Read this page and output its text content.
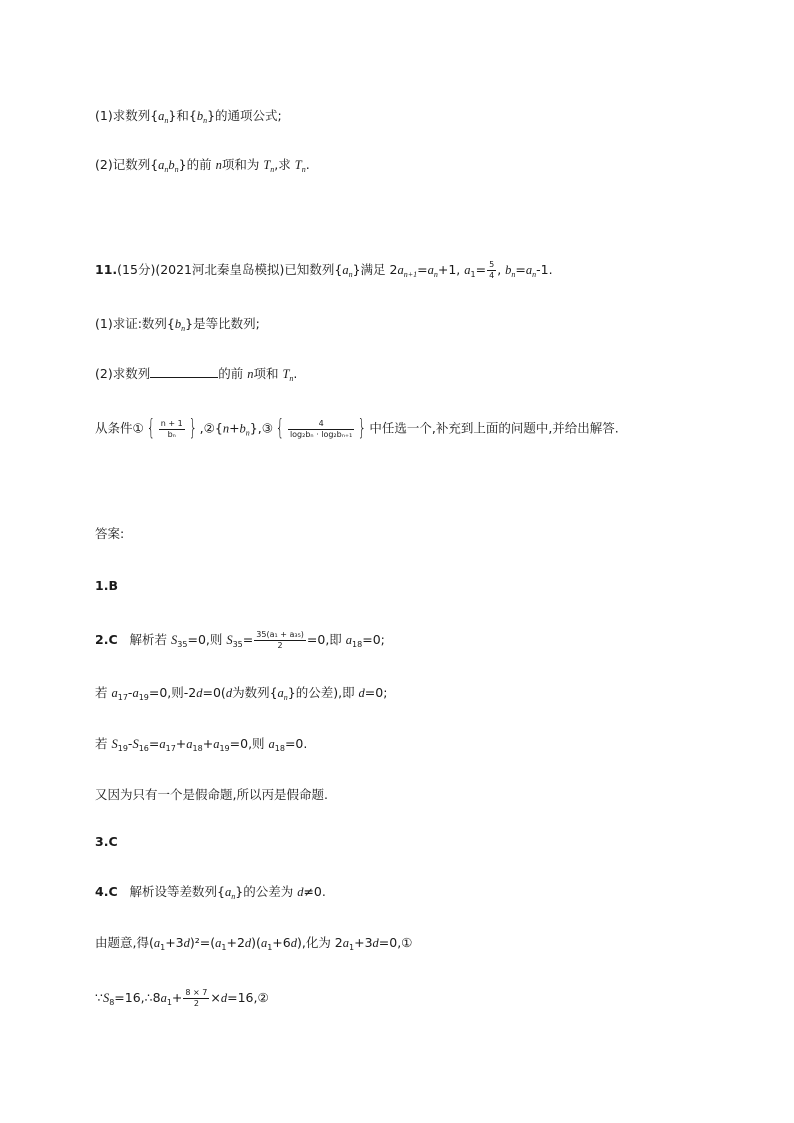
(1)求数列$\{a_n\}$和$\{b_n\}$的通项公式;
(2)记数列$\{a_nb_n\}$的前 n项和为 $T_n$,求 $T_n$.
11.(15分)(2021河北秦皇岛模拟)已知数列$\{a_n\}$满足 $2a_{n+1}=a_n+1$, $a_1= \frac{5}{4}$ , $b_n=a_n-1$.
(1)求证:数列$\{b_n\}$是等比数列;
(2)求数列	的前 n项和 $T_n$.
从条件① { $\frac{n + 1}{\text{bₙ}}$ } $,②\{n+b_n\},③$ { $\frac{4}{\text{log₂bₙ · log₂bₙ₊₁}}$ } 中任选一个,补充到上面的问题中,并给出解答.
答案:
1.B
2.C 解析若 $S_{35}=0$,则 $S_{35}= \frac{\text{35(a₁ + a₃₅)}}{2} =0$,即 $a_{18}=0$;
若 $a_{17}-a_{19}=0$,则-2d=0(d为数列$\{a_n\}$的公差),即 d=0;
若 $S_{19}-S_{16}=a_{17}+a_{18}+a_{19}=0$,则 $a_{18}=0$.
又因为只有一个是假命题,所以丙是假命题.
3.C
4.C 解析设等差数列$\{a_n\}$的公差为 d≠0.
由题意,得$(a_1+3d)^2=(a_1+2d)(a_1+6d)$,化为 $2a_1+3d=0,①$
$\because S_8=16,\therefore 8a_1+ \frac{8 \times 7}{2}$ ×d=16,②
